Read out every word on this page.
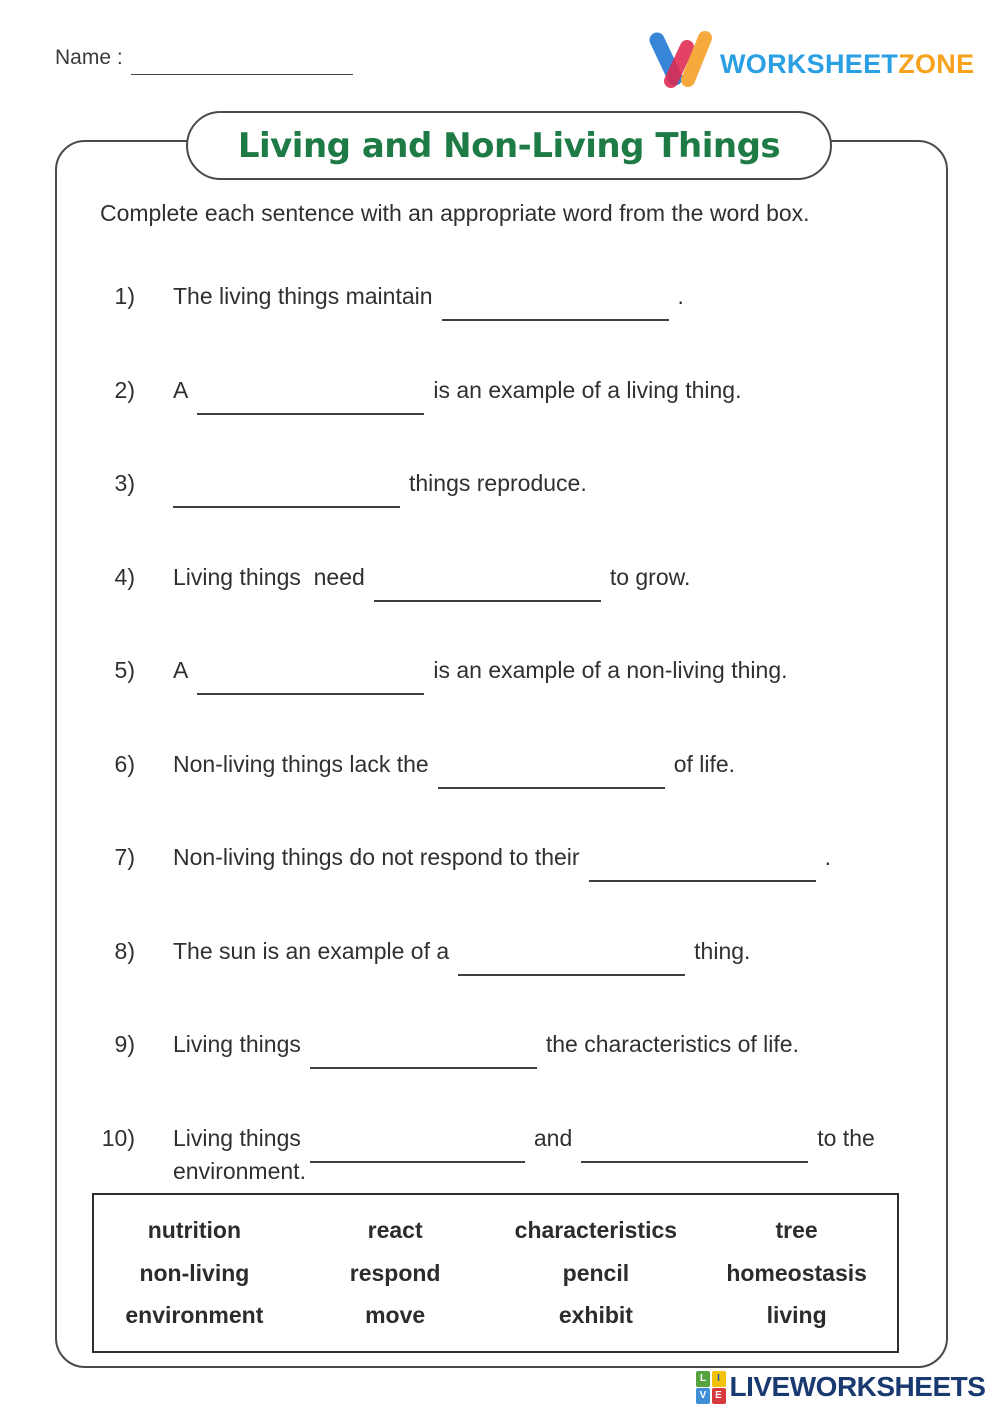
Name :	WORKSHEETZONE
Living and Non-Living Things
Complete each sentence with an appropriate word from the word box.
1) The living things maintain	.
2) A	is an example of a living thing.
3)	things reproduce.
4) Living things  need	to grow.
5) A	is an example of a non-living thing.
6) Non-living things lack the	of life.
7) Non-living things do not respond to their	.
8) The sun is an example of a	thing.
9) Living things	the characteristics of life.
10) Living things	and	to the
environment.
nutrition	react	characteristics	tree
non-living	respond	pencil	homeostasis
environment	move	exhibit	living
L	I
V E LIVEWORKSHEETS
